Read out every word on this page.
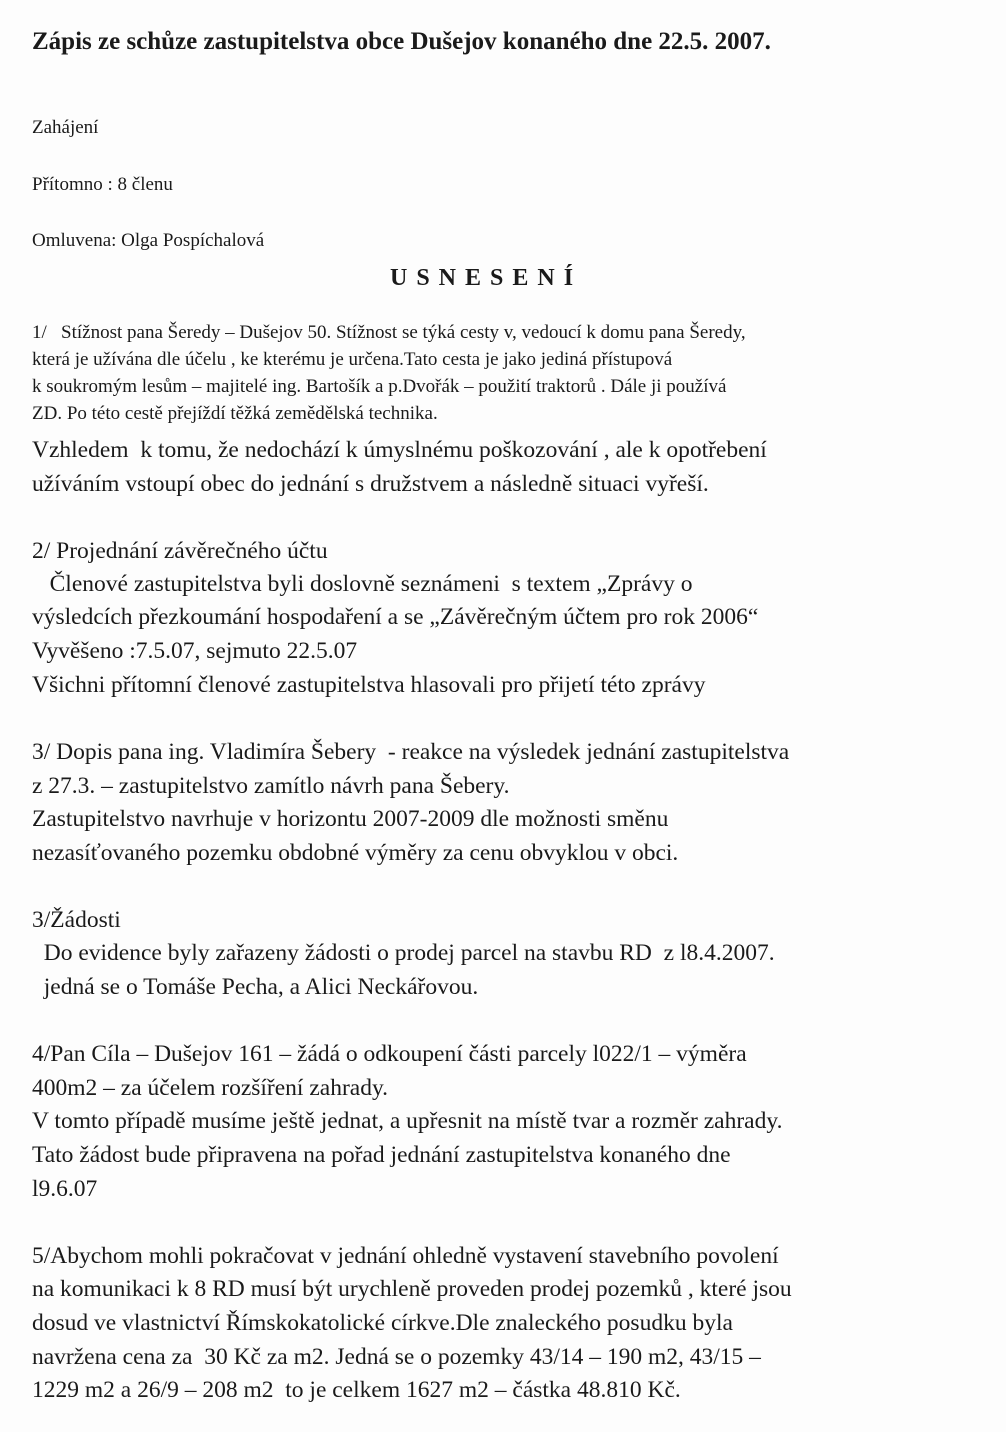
Zápis ze schůze zastupitelstva obce Dušejov konaného dne 22.5. 2007.
Zahájení
Přítomno : 8 členu
Omluvena: Olga Pospíchalová
USNESENÍ
1/   Stížnost pana Šeredy – Dušejov 50. Stížnost se týká cesty v, vedoucí k domu pana Šeredy,
která je užívána dle účelu , ke kterému je určena.Tato cesta je jako jediná přístupová
k soukromým lesům – majitelé ing. Bartošík a p.Dvořák – použití traktorů . Dále ji používá
ZD. Po této cestě přejíždí těžká zemědělská technika.
Vzhledem  k tomu, že nedochází k úmyslnému poškozování , ale k opotřebení
užíváním vstoupí obec do jednání s družstvem a následně situaci vyřeší.
2/ Projednání závěrečného účtu
Členové zastupitelstva byli doslovně seznámeni  s textem „Zprávy o
výsledcích přezkoumání hospodaření a se „Závěrečným účtem pro rok 2006“
Vyvěšeno :7.5.07, sejmuto 22.5.07
Všichni přítomní členové zastupitelstva hlasovali pro přijetí této zprávy
3/ Dopis pana ing. Vladimíra Šebery  - reakce na výsledek jednání zastupitelstva
z 27.3. – zastupitelstvo zamítlo návrh pana Šebery.
Zastupitelstvo navrhuje v horizontu 2007-2009 dle možnosti směnu
nezasíťovaného pozemku obdobné výměry za cenu obvyklou v obci.
3/Žádosti
Do evidence byly zařazeny žádosti o prodej parcel na stavbu RD  z l8.4.2007.
jedná se o Tomáše Pecha, a Alici Neckářovou.
4/Pan Cíla – Dušejov 161 – žádá o odkoupení části parcely l022/1 – výměra
400m2 – za účelem rozšíření zahrady.
V tomto případě musíme ještě jednat, a upřesnit na místě tvar a rozměr zahrady.
Tato žádost bude připravena na pořad jednání zastupitelstva konaného dne
l9.6.07
5/Abychom mohli pokračovat v jednání ohledně vystavení stavebního povolení
na komunikaci k 8 RD musí být urychleně proveden prodej pozemků , které jsou
dosud ve vlastnictví Římskokatolické církve.Dle znaleckého posudku byla
navržena cena za  30 Kč za m2. Jedná se o pozemky 43/14 – 190 m2, 43/15 –
1229 m2 a 26/9 – 208 m2  to je celkem 1627 m2 – částka 48.810 Kč.
